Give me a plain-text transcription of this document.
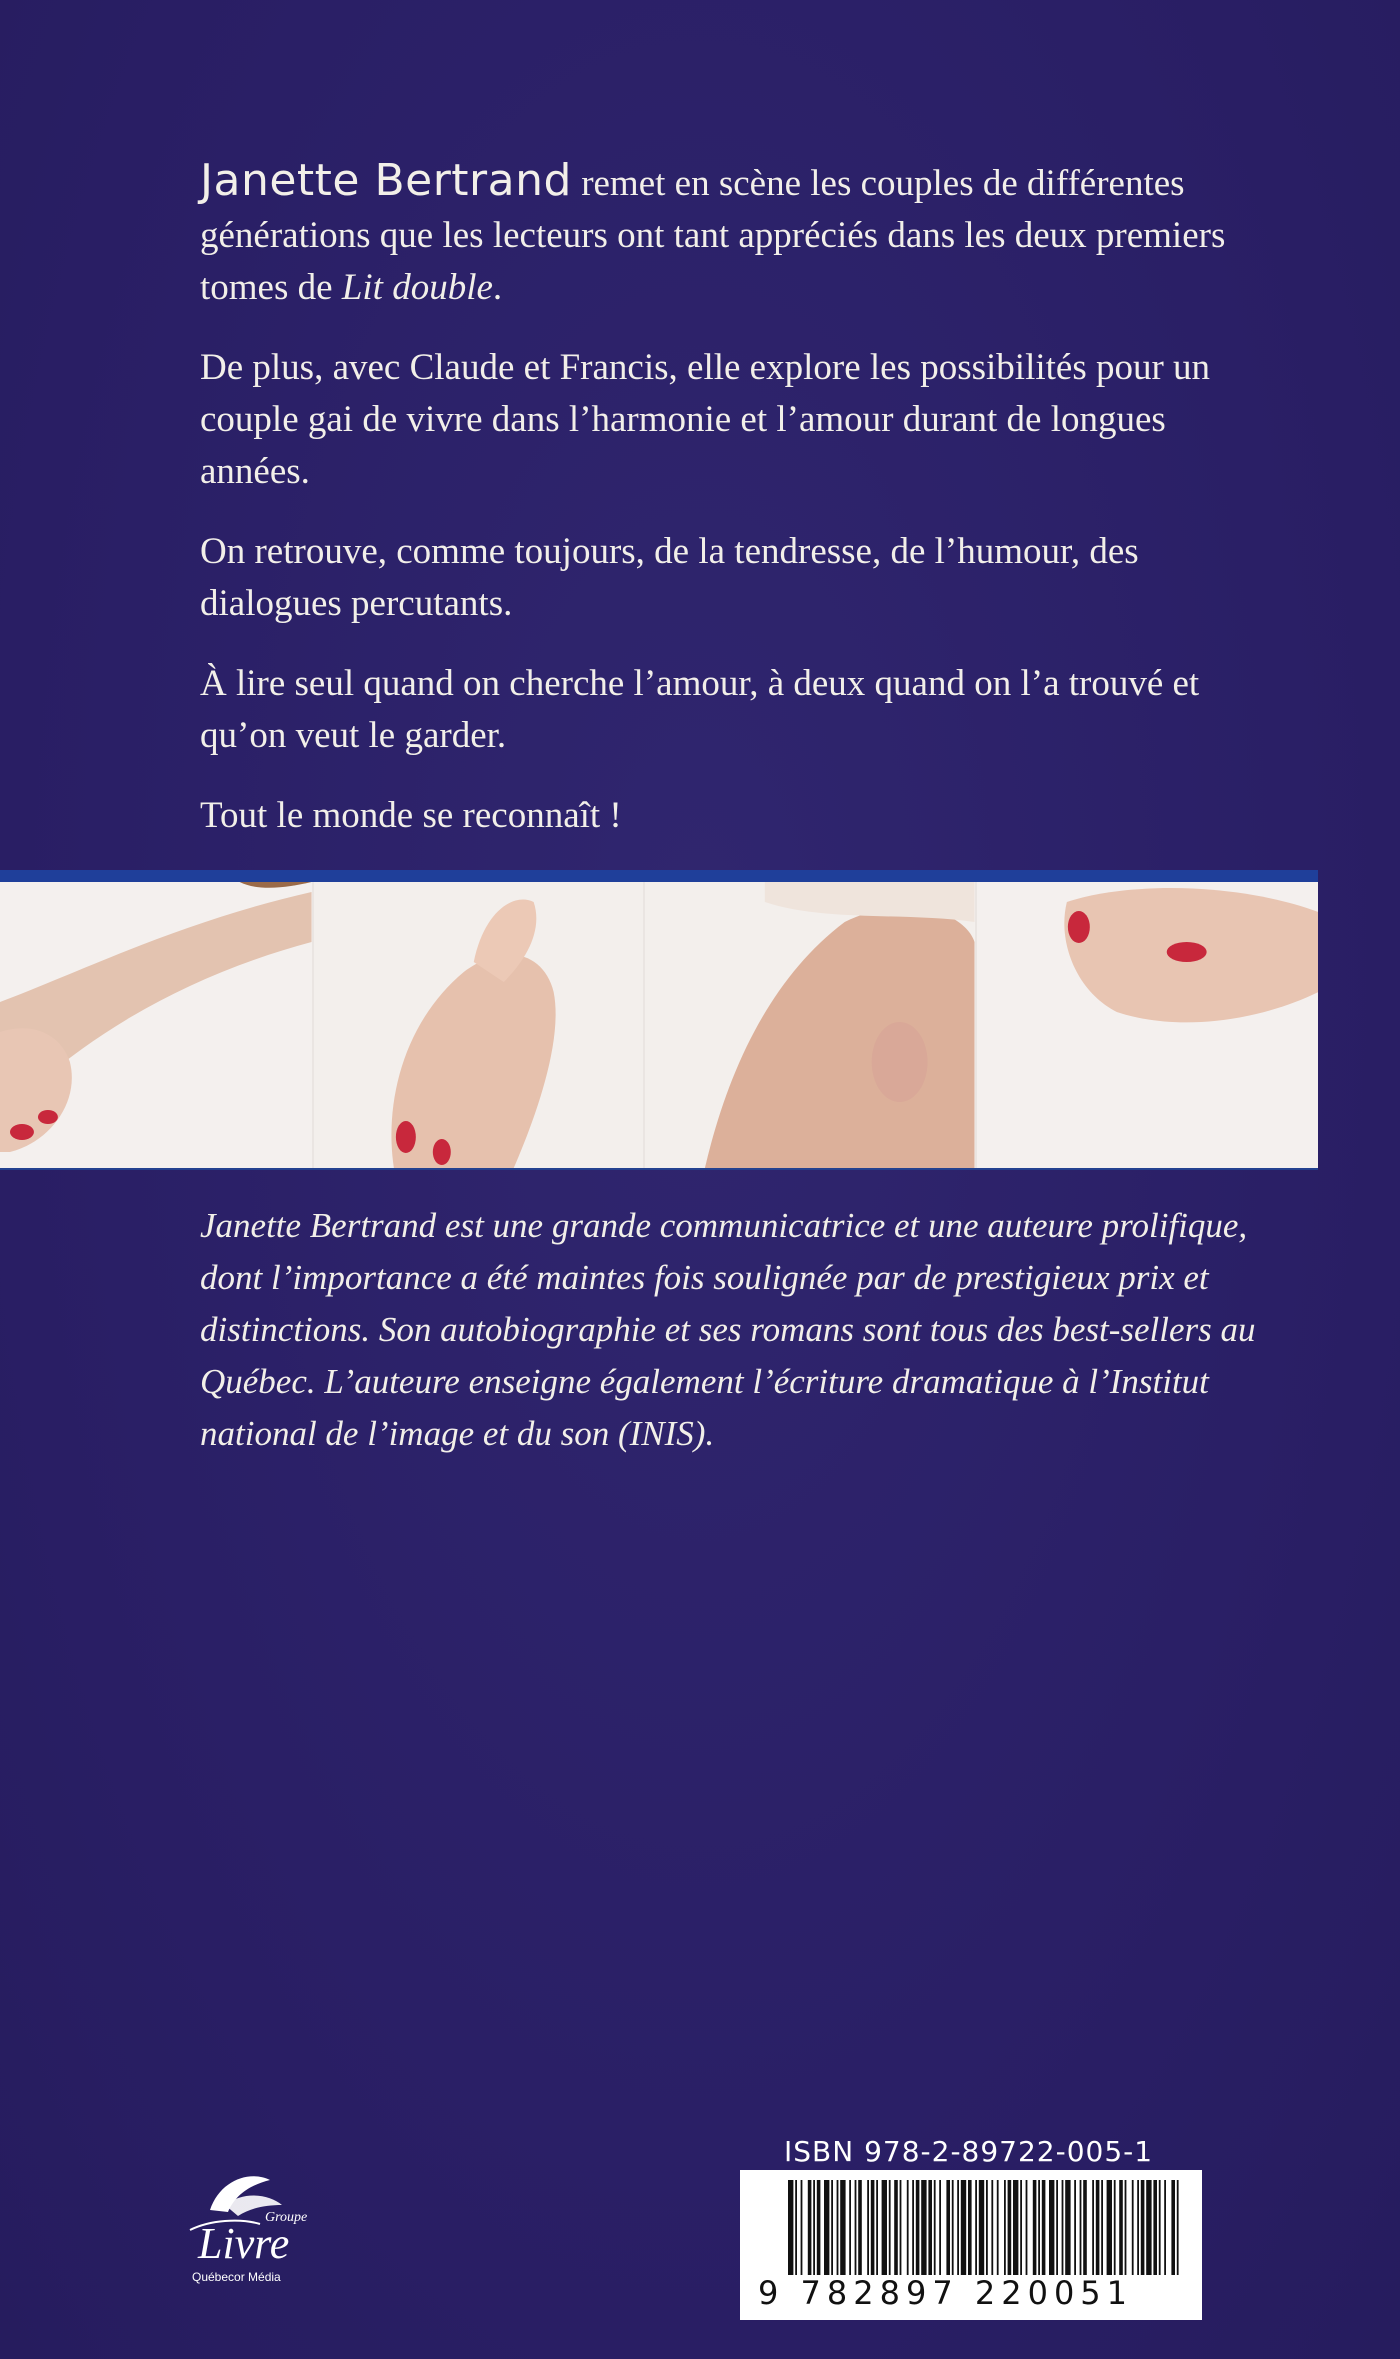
Janette Bertrand remet en scène les couples de différentes générations que les lecteurs ont tant appréciés dans les deux premiers tomes de Lit double.

De plus, avec Claude et Francis, elle explore les possibilités pour un couple gai de vivre dans l’harmonie et l’amour durant de longues années.

On retrouve, comme toujours, de la tendresse, de l’humour, des dialogues percutants.

À lire seul quand on cherche l’amour, à deux quand on l’a trouvé et qu’on veut le garder.

Tout le monde se reconnaît !

Janette Bertrand est une grande communicatrice et une auteure prolifique, dont l’importance a été maintes fois soulignée par de prestigieux prix et distinctions. Son autobiographie et ses romans sont tous des best-sellers au Québec. L’auteure enseigne également l’écriture dramatique à l’Institut national de l’image et du son (INIS).
Groupe
Livre
Québecor Média
ISBN 978-2-89722-005-1
9 782897 220051
